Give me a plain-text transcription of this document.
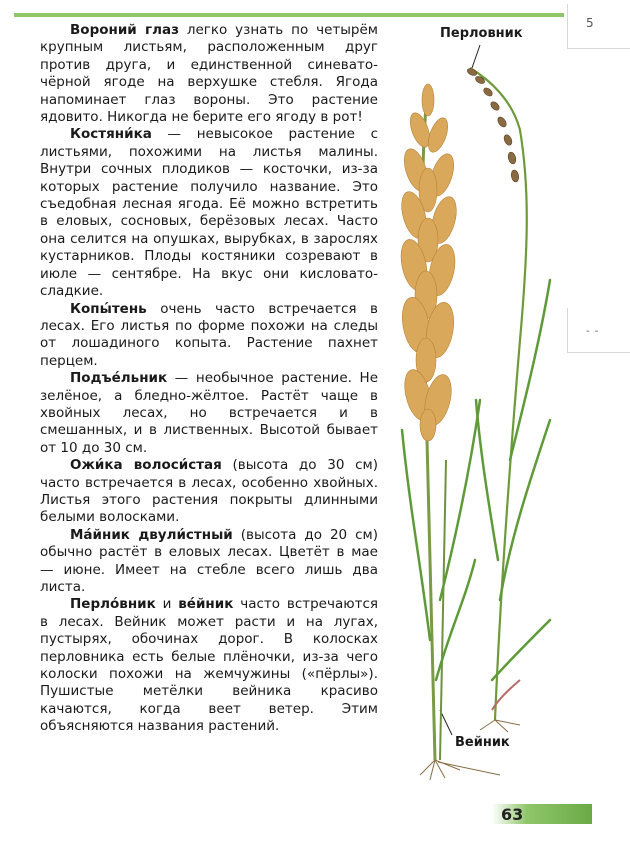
5
- -

Вороний глаз легко узнать по четырём крупным листьям, расположенным друг против друга, и единственной синевато-чёрной ягоде на верхушке стебля. Ягода напоминает глаз вороны. Это растение ядовито. Никогда не берите его ягоду в рот!

Костяни́ка — невысокое растение с листьями, похожими на листья малины. Внутри сочных плодиков — косточки, из-за которых растение получило название. Это съедобная лесная ягода. Её можно встретить в еловых, сосновых, берёзовых лесах. Часто она селится на опушках, вырубках, в зарослях кустарников. Плоды костяники созревают в июле — сентябре. На вкус они кисловато-сладкие.

Копы́тень очень часто встречается в лесах. Его листья по форме похожи на следы от лошадиного копыта. Растение пахнет перцем.

Подъе́льник — необычное растение. Не зелёное, а бледно-жёлтое. Растёт чаще в хвойных лесах, но встречается и в смешанных, и в лиственных. Высотой бывает от 10 до 30 см.

Ожи́ка волоси́стая (высота до 30 см) часто встречается в лесах, особенно хвойных. Листья этого растения покрыты длинными белыми волосками.

Ма́йник двули́стный (высота до 20 см) обычно растёт в еловых лесах. Цветёт в мае — июне. Имеет на стебле всего лишь два листа.

Перло́вник и ве́йник часто встречаются в лесах. Вейник может расти и на лугах, пустырях, обочинах дорог. В колосках перловника есть белые плёночки, из-за чего колоски похожи на жемчужины («пёрлы»). Пушистые метёлки вейника красиво качаются, когда веет ветер. Этим объясняются названия растений.

Перловник
Вейник
63
